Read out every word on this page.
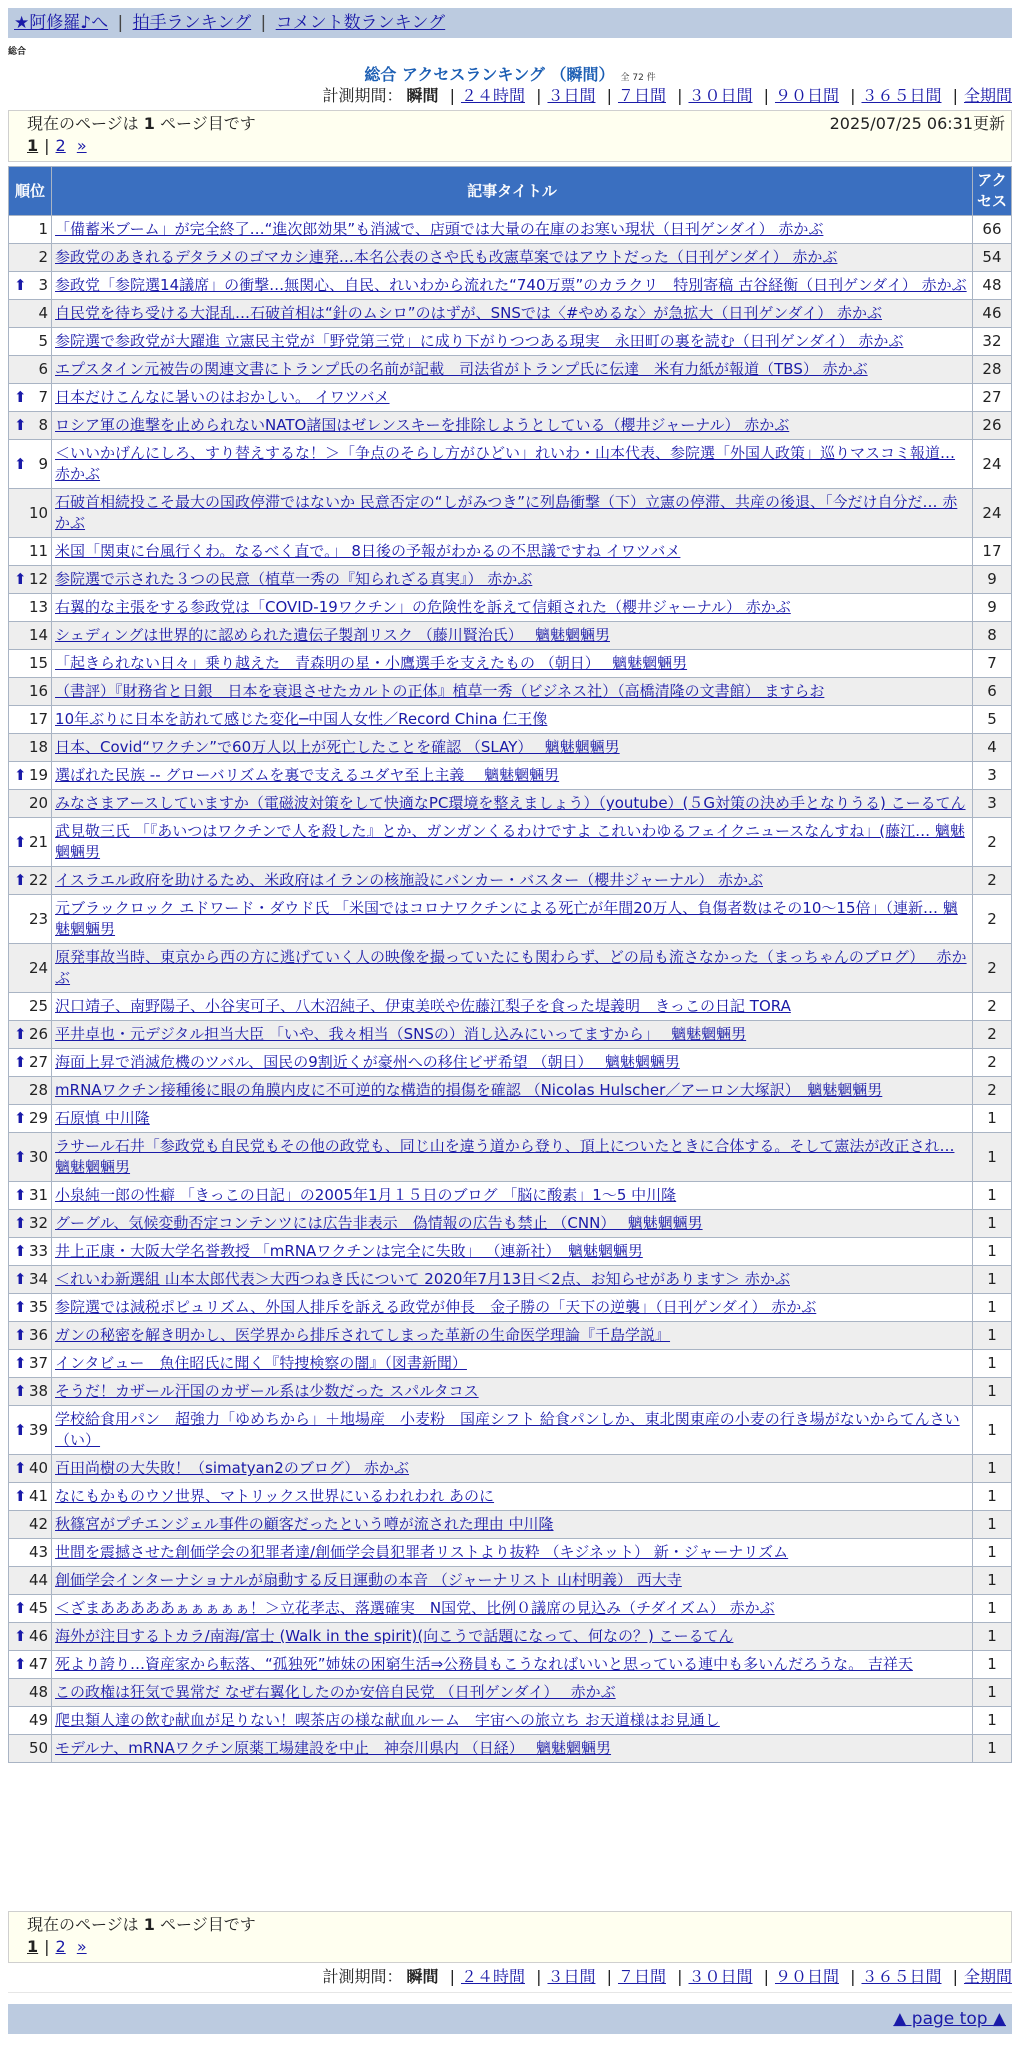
★阿修羅♪へ | 拍手ランキング | コメント数ランキング
総合
総合 アクセスランキング （瞬間） 全 72 件
計測期間： 瞬間 | ２４時間 | ３日間 | ７日間 | ３０日間 | ９０日間 | ３６５日間 | 全期間
現在のページは 1 ページ目です	2025/07/25 06:31更新
1 | 2 »
順位	記事タイトル	アクセス
1	「備蓄米ブーム」が完全終了…“進次郎効果”も消滅で、店頭では大量の在庫のお寒い現状（日刊ゲンダイ） 赤かぶ	66
2	参政党のあきれるデタラメのゴマカシ連発…本名公表のさや氏も改憲草案ではアウトだった（日刊ゲンダイ） 赤かぶ	54

⬆ 3	参政党「参院選14議席」の衝撃…無関心、自民、れいわから流れた“740万票”のカラクリ　特別寄稿 古谷経衡（日刊ゲンダイ） 赤かぶ	48
4	自民党を待ち受ける大混乱…石破首相は“針のムシロ”のはずが、SNSでは〈#やめるな〉が急拡大（日刊ゲンダイ） 赤かぶ	46
5	参院選で参政党が大躍進 立憲民主党が「野党第三党」に成り下がりつつある現実　永田町の裏を読む（日刊ゲンダイ） 赤かぶ	32
6	エプスタイン元被告の関連文書にトランプ氏の名前が記載　司法省がトランプ氏に伝達　米有力紙が報道（TBS） 赤かぶ	28

⬆ 7	日本だけこんなに暑いのはおかしい。 イワツバメ	27

⬆ 8	ロシア軍の進撃を止められないNATO諸国はゼレンスキーを排除しようとしている（櫻井ジャーナル） 赤かぶ	26

⬆ 9	＜いいかげんにしろ、すり替えするな！＞「争点のそらし方がひどい」れいわ・山本代表、参院選「外国人政策」巡りマスコミ報道… 赤かぶ	24
10	石破首相続投こそ最大の国政停滞ではないか 民意否定の“しがみつき”に列島衝撃（下）立憲の停滞、共産の後退、「今だけ自分だ… 赤かぶ	24
11	米国「関東に台風行くわ。なるべく直で。」 8日後の予報がわかるの不思議ですね イワツバメ	17

⬆ 12	参院選で示された３つの民意（植草一秀の『知られざる真実』） 赤かぶ	9
13	右翼的な主張をする参政党は「COVID-19ワクチン」の危険性を訴えて信頼された（櫻井ジャーナル） 赤かぶ	9
14	シェディングは世界的に認められた遺伝子製剤リスク （藤川賢治氏）　 魑魅魍魎男	8
15	「起きられない日々」乗り越えた　青森明の星・小鷹選手を支えたもの （朝日）　 魑魅魍魎男	7
16	（書評）『財務省と日銀　日本を衰退させたカルトの正体』植草一秀（ビジネス社）（高橋清隆の文書館） ますらお	6
17	10年ぶりに日本を訪れて感じた変化─中国人女性／Record China 仁王像	5
18	日本、Covid“ワクチン”で60万人以上が死亡したことを確認 （SLAY）　 魑魅魍魎男	4

⬆ 19	選ばれた民族 -- グローバリズムを裏で支えるユダヤ至上主義　 魑魅魍魎男	3
20	みなさまアースしていますか（電磁波対策をして快適なPC環境を整えましょう）（youtube）(５G対策の決め手となりうる) こーるてん	3

⬆ 21	武見敬三氏 「『あいつはワクチンで人を殺した』とか、ガンガンくるわけですよ これいわゆるフェイクニュースなんすね」(藤江… 魑魅魍魎男	2

⬆ 22	イスラエル政府を助けるため、米政府はイランの核施設にバンカー・バスター（櫻井ジャーナル） 赤かぶ	2
23	元ブラックロック エドワード・ダウド氏 「米国ではコロナワクチンによる死亡が年間20万人、負傷者数はその10～15倍」（連新… 魑魅魍魎男	2
24	原発事故当時、東京から西の方に逃げていく人の映像を撮っていたにも関わらず、どの局も流さなかった（まっちゃんのブログ）　 赤かぶ	2
25	沢口靖子、南野陽子、小谷実可子、八木沼純子、伊東美咲や佐藤江梨子を食った堤義明　きっこの日記 TORA	2

⬆ 26	平井卓也・元デジタル担当大臣 「いや、我々相当（SNSの）消し込みにいってますから」　 魑魅魍魎男	2

⬆ 27	海面上昇で消滅危機のツバル、国民の9割近くが豪州への移住ビザ希望 （朝日）　 魑魅魍魎男	2
28	mRNAワクチン接種後に眼の角膜内皮に不可逆的な構造的損傷を確認 （Nicolas Hulscher／アーロン大塚訳）　魑魅魍魎男	2

⬆ 29	石原慎 中川隆	1

⬆ 30	ラサール石井「参政党も自民党もその他の政党も、同じ山を違う道から登り、頂上についたときに合体する。そして憲法が改正され… 魑魅魍魎男	1

⬆ 31	小泉純一郎の性癖 「きっこの日記」の2005年1月１５日のブログ 「脳に酸素」1～5 中川隆	1

⬆ 32	グーグル、気候変動否定コンテンツには広告非表示　偽情報の広告も禁止 （CNN）　 魑魅魍魎男	1

⬆ 33	井上正康・大阪大学名誉教授 「mRNAワクチンは完全に失敗」 （連新社）　魑魅魍魎男	1

⬆ 34	＜れいわ新選組 山本太郎代表＞大西つねき氏について 2020年7月13日＜2点、お知らせがあります＞ 赤かぶ	1

⬆ 35	参院選では減税ポピュリズム、外国人排斥を訴える政党が伸長　金子勝の「天下の逆襲」（日刊ゲンダイ） 赤かぶ	1

⬆ 36	ガンの秘密を解き明かし、医学界から排斥されてしまった革新の生命医学理論『千島学説』	1

⬆ 37	インタビュー　魚住昭氏に聞く『特捜検察の闇』（図書新聞）	1

⬆ 38	そうだ！カザール汗国のカザール系は少数だった スパルタコス	1

⬆ 39	学校給食用パン　超強力「ゆめちから」＋地場産　小麦粉　国産シフト 給食パンしか、東北関東産の小麦の行き場がないからてんさい（い）	1

⬆ 40	百田尚樹の大失敗！（simatyan2のブログ） 赤かぶ	1

⬆ 41	なにもかものウソ世界、マトリックス世界にいるわれわれ あのに	1
42	秋篠宮がプチエンジェル事件の顧客だったという噂が流された理由 中川隆	1
43	世間を震撼させた創価学会の犯罪者達/創価学会員犯罪者リストより抜粋 （キジネット） 新・ジャーナリズム	1
44	創価学会インターナショナルが扇動する反日運動の本音 （ジャーナリスト 山村明義） 西大寺	1

⬆ 45	＜ざまあああああぁぁぁぁぁ！＞立花孝志、落選確実　N国党、比例０議席の見込み（チダイズム） 赤かぶ	1

⬆ 46	海外が注目するトカラ/南海/富士 (Walk in the spirit)(向こうで話題になって、何なの？) こーるてん	1

⬆ 47	死より誇り…資産家から転落、“孤独死”姉妹の困窮生活⇒公務員もこうなればいいと思っている連中も多いんだろうな。 吉祥天	1
48	この政権は狂気で異常だ なぜ右翼化したのか安倍自民党 （日刊ゲンダイ）　 赤かぶ	1
49	爬虫類人達の飲む献血が足りない！喫茶店の様な献血ルーム　宇宙への旅立ち お天道様はお見通し	1
50	モデルナ、mRNAワクチン原薬工場建設を中止　神奈川県内 （日経）　 魑魅魍魎男	1
現在のページは 1 ページ目です
1 | 2 »
計測期間： 瞬間 | ２４時間 | ３日間 | ７日間 | ３０日間 | ９０日間 | ３６５日間 | 全期間
▲ page top ▲
